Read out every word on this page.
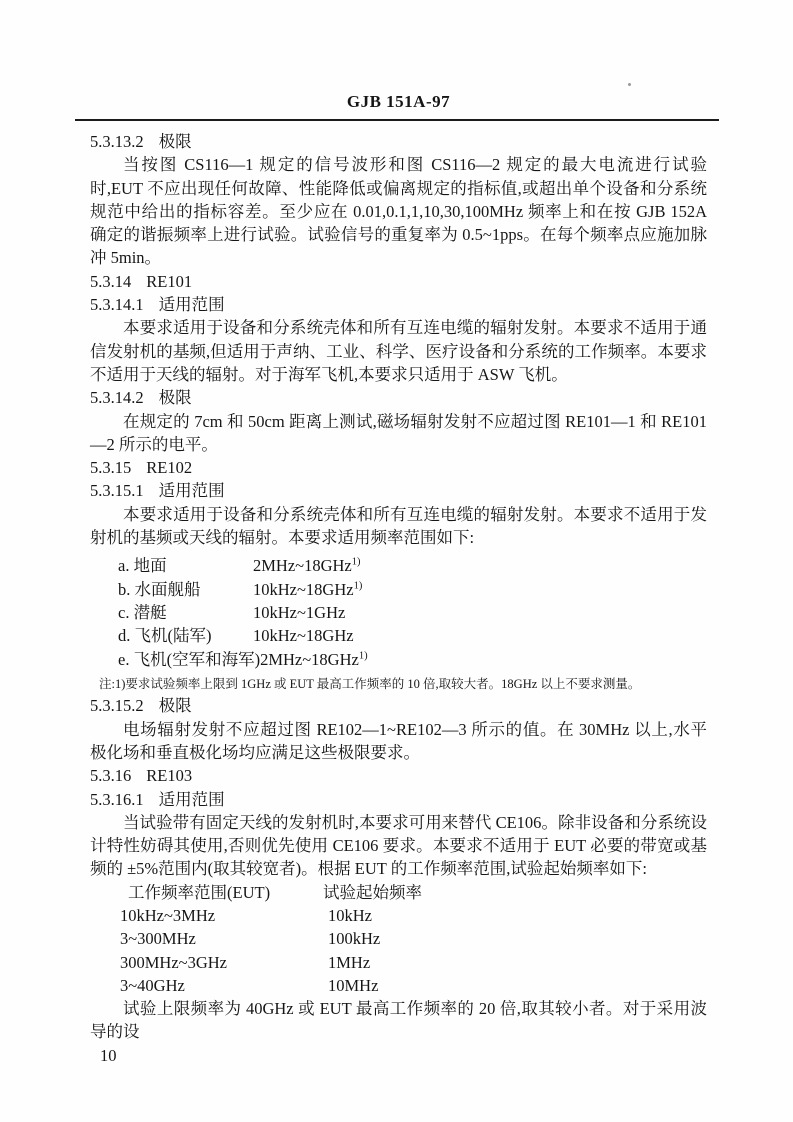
GJB 151A-97
5.3.13.2 极限

当按图 CS116—1 规定的信号波形和图 CS116—2 规定的最大电流进行试验时,EUT 不应出现任何故障、性能降低或偏离规定的指标值,或超出单个设备和分系统规范中给出的指标容差。至少应在 0.01,0.1,1,10,30,100MHz 频率上和在按 GJB 152A 确定的谐振频率上进行试验。试验信号的重复率为 0.5~1pps。在每个频率点应施加脉冲 5min。

5.3.14 RE101
5.3.14.1 适用范围

本要求适用于设备和分系统壳体和所有互连电缆的辐射发射。本要求不适用于通信发射机的基频,但适用于声纳、工业、科学、医疗设备和分系统的工作频率。本要求不适用于天线的辐射。对于海军飞机,本要求只适用于 ASW 飞机。

5.3.14.2 极限

在规定的 7cm 和 50cm 距离上测试,磁场辐射发射不应超过图 RE101—1 和 RE101—2 所示的电平。

5.3.15 RE102
5.3.15.1 适用范围

本要求适用于设备和分系统壳体和所有互连电缆的辐射发射。本要求不适用于发射机的基频或天线的辐射。本要求适用频率范围如下:

a. 地面	2MHz~18GHz$^{1)}$
b. 水面舰船	10kHz~18GHz$^{1)}$
c. 潜艇	10kHz~1GHz
d. 飞机(陆军)	10kHz~18GHz
e. 飞机(空军和海军)2MHz~18GHz$^{1)}$
注:1)要求试验频率上限到 1GHz 或 EUT 最高工作频率的 10 倍,取较大者。18GHz 以上不要求测量。
5.3.15.2 极限

电场辐射发射不应超过图 RE102—1~RE102—3 所示的值。在 30MHz 以上,水平极化场和垂直极化场均应满足这些极限要求。

5.3.16 RE103
5.3.16.1 适用范围

当试验带有固定天线的发射机时,本要求可用来替代 CE106。除非设备和分系统设计特性妨碍其使用,否则优先使用 CE106 要求。本要求不适用于 EUT 必要的带宽或基频的 ±5%范围内(取其较宽者)。根据 EUT 的工作频率范围,试验起始频率如下:

工作频率范围(EUT)	试验起始频率
10kHz~3MHz	10kHz
3~300MHz	100kHz
300MHz~3GHz	1MHz
3~40GHz	10MHz

试验上限频率为 40GHz 或 EUT 最高工作频率的 20 倍,取其较小者。对于采用波导的设

10
